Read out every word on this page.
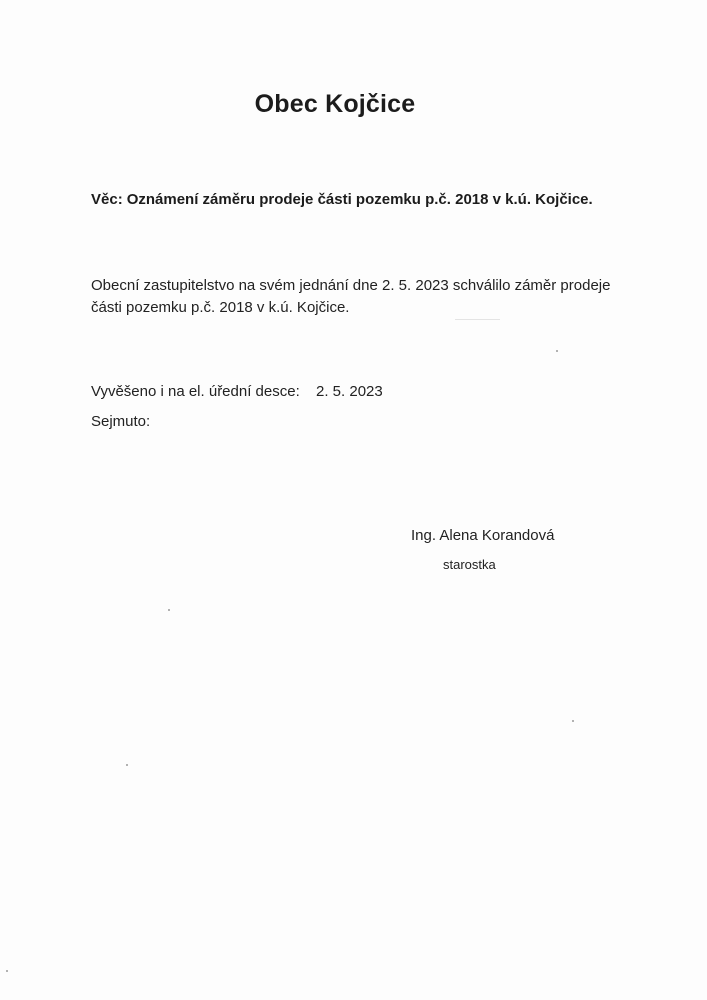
Obec Kojčice
Věc: Oznámení záměru prodeje části pozemku p.č. 2018 v k.ú. Kojčice.
Obecní zastupitelstvo na svém jednání dne 2. 5. 2023 schválilo záměr prodeje
části pozemku p.č. 2018 v k.ú. Kojčice.
Vyvěšeno i na el. úřední desce: 2. 5. 2023
Sejmuto:
Ing. Alena Korandová
starostka
